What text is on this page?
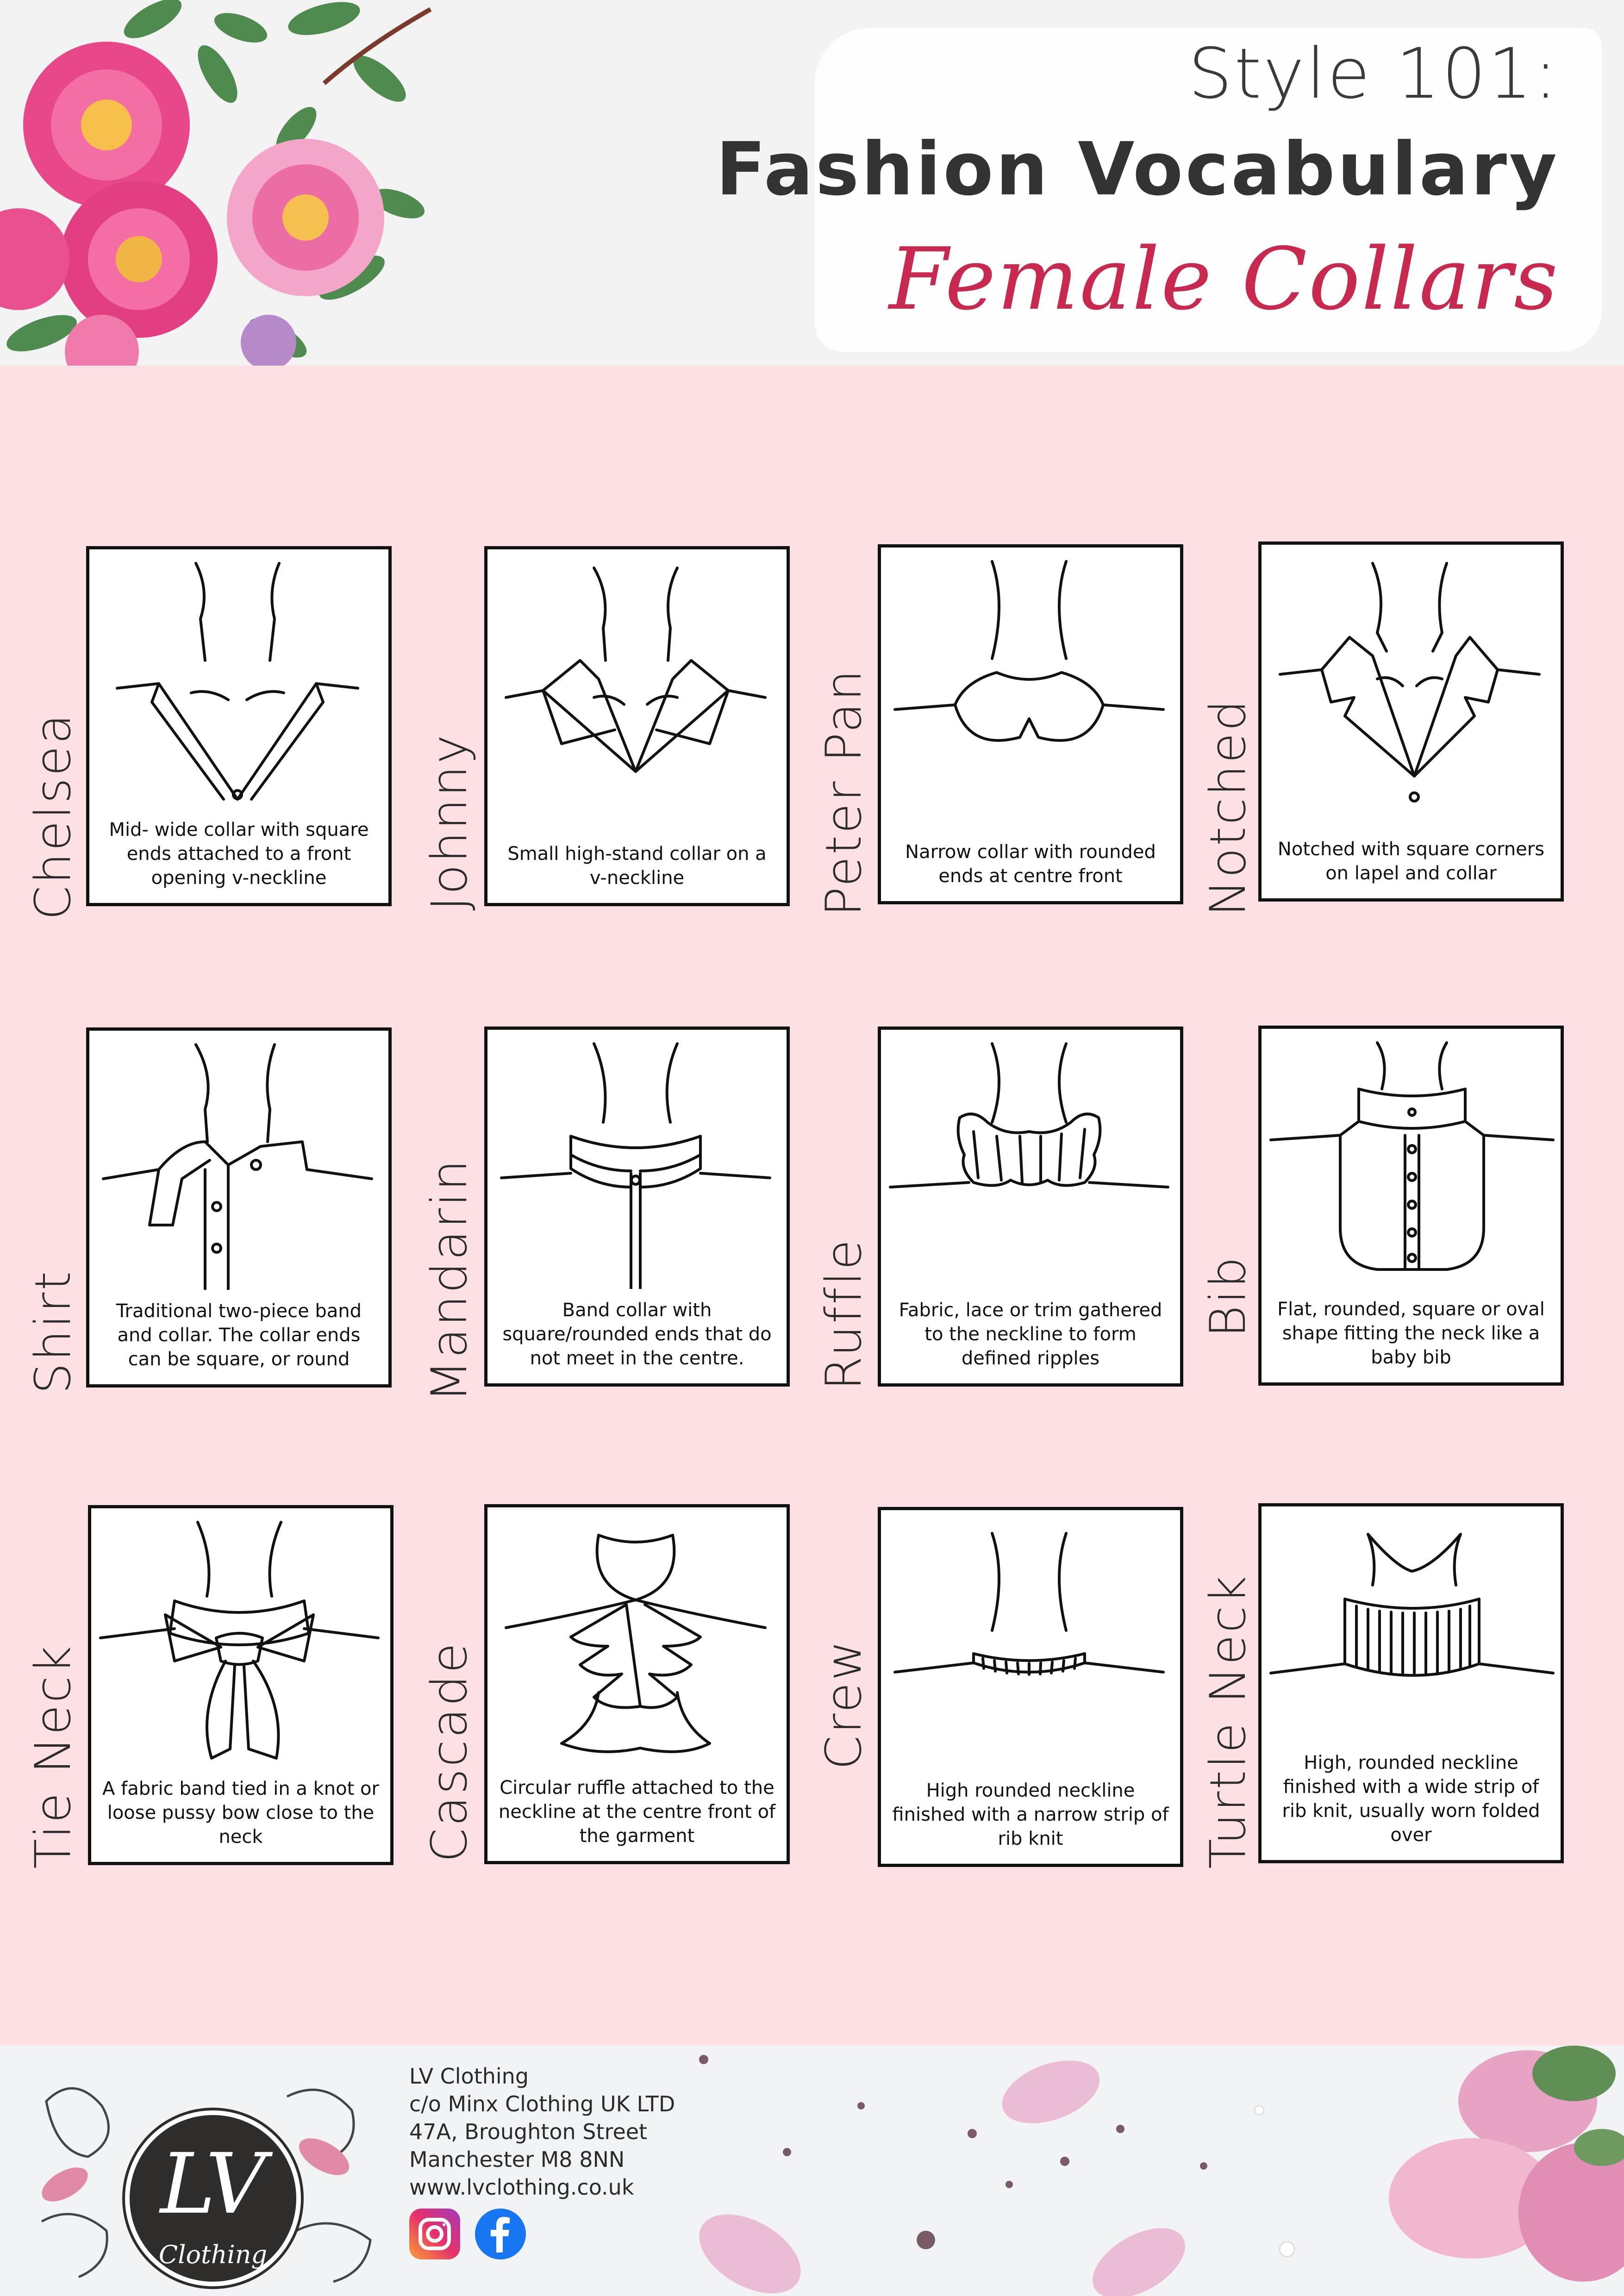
Style 101:
Fashion Vocabulary
Female Collars
Chelsea	Mid- wide collar with square ends attached to a front opening v-neckline	Johnny	Small high-stand collar on a v-neckline	Peter Pan	Narrow collar with rounded ends at centre front	Notched	Notched with square corners on lapel and collar
Shirt	Traditional two-piece band and collar. The collar ends can be square, or round	Mandarin	Band collar with square/rounded ends that do not meet in the centre.	Ruffle	Fabric, lace or trim gathered to the neckline to form defined ripples
Bib	Flat, rounded, square or oval shape fitting the neck like a baby bib
Tie Neck A fabric band tied in a knot or loose pussy bow close to the neck	Cascade Circular ruffle attached to the neckline at the centre front of the garment
Crew
High rounded neckline finished with a narrow strip of rib knit	Turtle Neck	High, rounded neckline finished with a wide strip of rib knit, usually worn folded over
LV
Clothing
LV Clothing
c/o Minx Clothing UK LTD
47A, Broughton Street
Manchester M8 8NN
www.lvclothing.co.uk
